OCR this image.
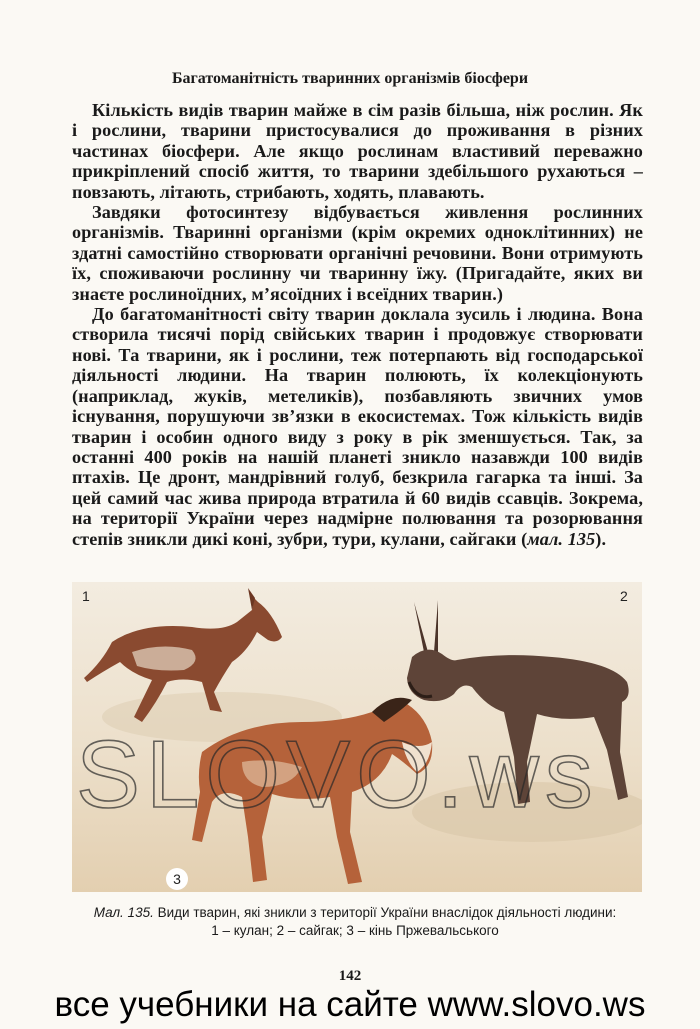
Багатоманітність тваринних організмів біосфери

Кількість видів тварин майже в сім разів більша, ніж рослин. Як і рослини, тварини пристосувалися до проживання в різних частинах біосфери. Але якщо рослинам властивий переважно прикріплений спосіб життя, то тварини здебільшого рухаються – повзають, літають, стрибають, ходять, плавають.

Завдяки фотосинтезу відбувається живлення рослинних організмів. Тваринні організми (крім окремих одноклітинних) не здатні самостійно створювати органічні речовини. Вони отримують їх, споживаючи рослинну чи тваринну їжу. (Пригадайте, яких ви знаєте рослиноїдних, м’ясоїдних і всеїдних тварин.)

До багатоманітності світу тварин доклала зусиль і людина. Вона створила тисячі порід свійських тварин і продовжує створювати нові. Та тварини, як і рослини, теж потерпають від господарської діяльності людини. На тварин полюють, їх колекціонують (наприклад, жуків, метеликів), позбавляють звичних умов існування, порушуючи зв’язки в екосистемах. Тож кількість видів тварин і особин одного виду з року в рік зменшується. Так, за останні 400 років на нашій планеті зникло назавжди 100 видів птахів. Це дронт, мандрівний голуб, безкрила гагарка та інші. За цей самий час жива природа втратила й 60 видів ссавців. Зокрема, на території України через надмірне полювання та розорювання степів зникли дикі коні, зубри, тури, кулани, сайгаки (мал. 135).

1	2
3
Мал. 135. Види тварин, які зникли з території України внаслідок діяльності людини:
1 – кулан; 2 – сайгак; 3 – кінь Пржевальського
142
все учебники на сайте www.slovo.ws
